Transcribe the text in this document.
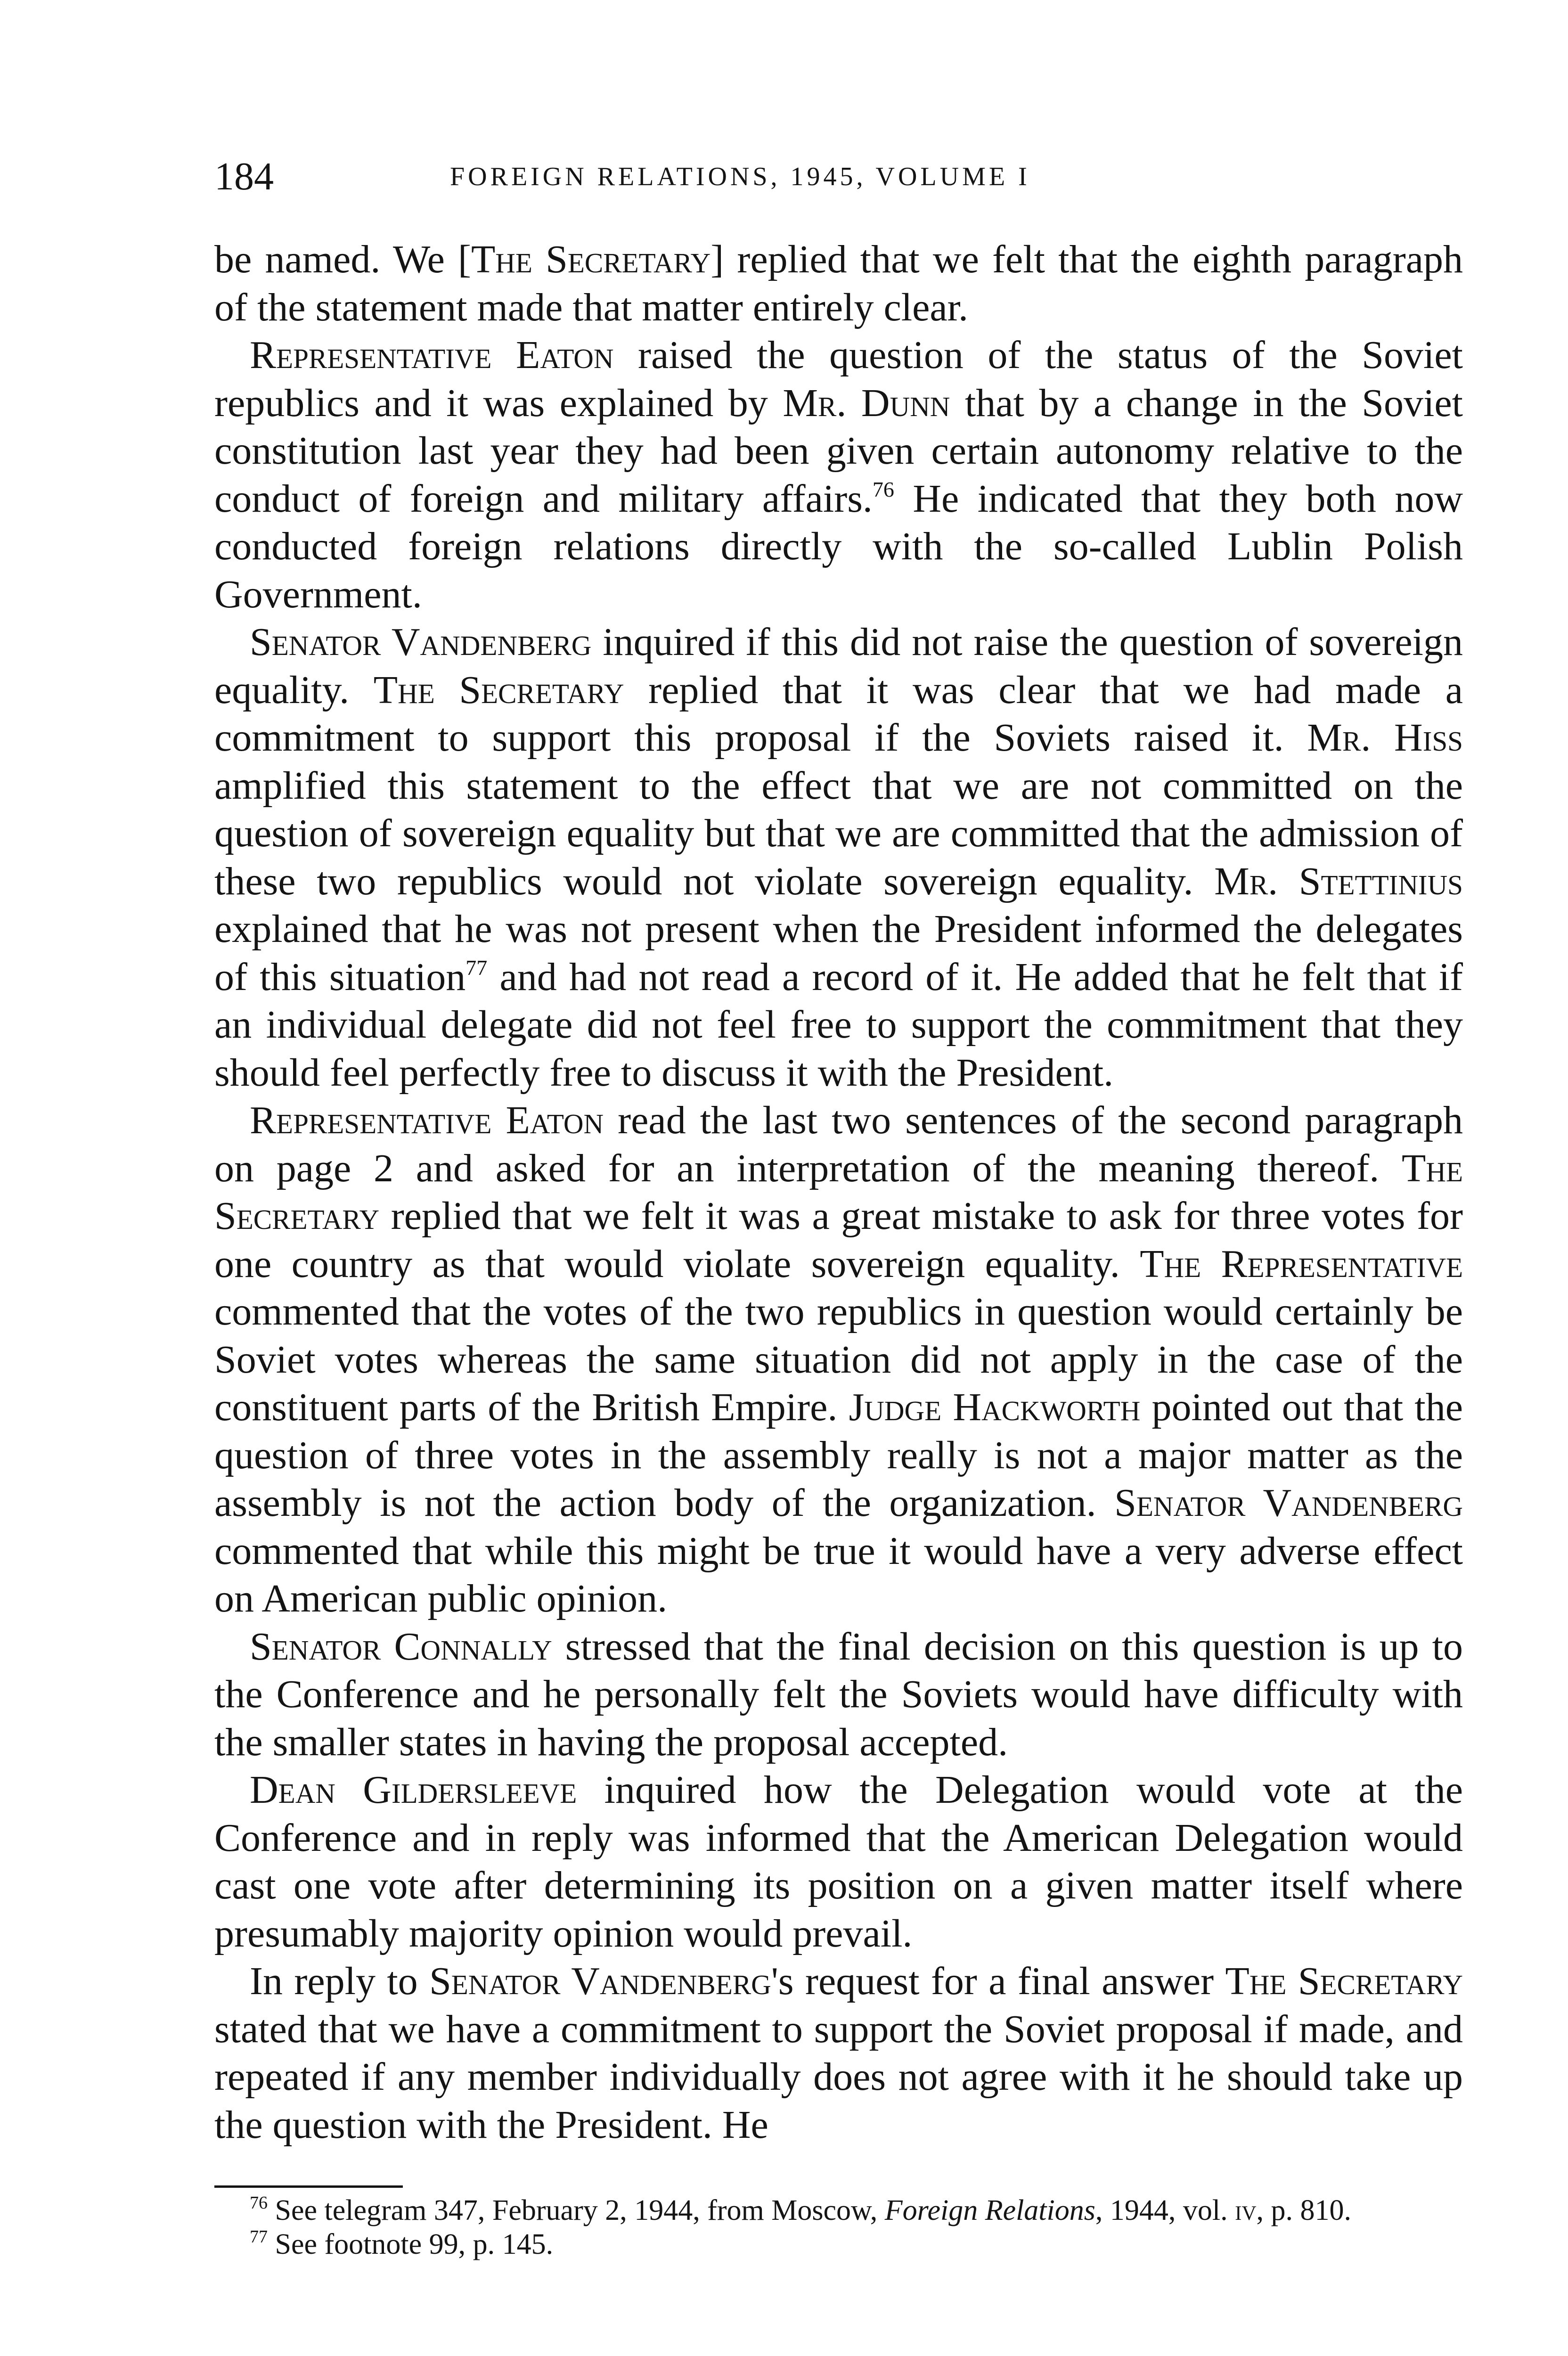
184	FOREIGN RELATIONS, 1945, VOLUME I

be named. We [The Secretary] replied that we felt that the eighth paragraph of the statement made that matter entirely clear.

Representative Eaton raised the question of the status of the Soviet republics and it was explained by Mr. Dunn that by a change in the Soviet constitution last year they had been given certain autonomy relative to the conduct of foreign and military affairs.$^{76}$ He indicated that they both now conducted foreign relations directly with the so-called Lublin Polish Government.

Senator Vandenberg inquired if this did not raise the question of sovereign equality. The Secretary replied that it was clear that we had made a commitment to support this proposal if the Soviets raised it. Mr. Hiss amplified this statement to the effect that we are not committed on the question of sovereign equality but that we are committed that the admission of these two republics would not violate sovereign equality. Mr. Stettinius explained that he was not present when the President informed the delegates of this situation$^{77}$ and had not read a record of it. He added that he felt that if an individual delegate did not feel free to support the commitment that they should feel perfectly free to discuss it with the President.

Representative Eaton read the last two sentences of the second paragraph on page 2 and asked for an interpretation of the meaning thereof. The Secretary replied that we felt it was a great mistake to ask for three votes for one country as that would violate sovereign equality. The Representative commented that the votes of the two republics in question would certainly be Soviet votes whereas the same situation did not apply in the case of the constituent parts of the British Empire. Judge Hackworth pointed out that the question of three votes in the assembly really is not a major matter as the assembly is not the action body of the organization. Senator Vandenberg commented that while this might be true it would have a very adverse effect on American public opinion.

Senator Connally stressed that the final decision on this question is up to the Conference and he personally felt the Soviets would have difficulty with the smaller states in having the proposal accepted.

Dean Gildersleeve inquired how the Delegation would vote at the Conference and in reply was informed that the American Delegation would cast one vote after determining its position on a given matter itself where presumably majority opinion would prevail.

In reply to Senator Vandenberg's request for a final answer The Secretary stated that we have a commitment to support the Soviet proposal if made, and repeated if any member individually does not agree with it he should take up the question with the President. He

$^{76}$ See telegram 347, February 2, 1944, from Moscow, Foreign Relations, 1944, vol. iv, p. 810.

$^{77}$ See footnote 99, p. 145.
